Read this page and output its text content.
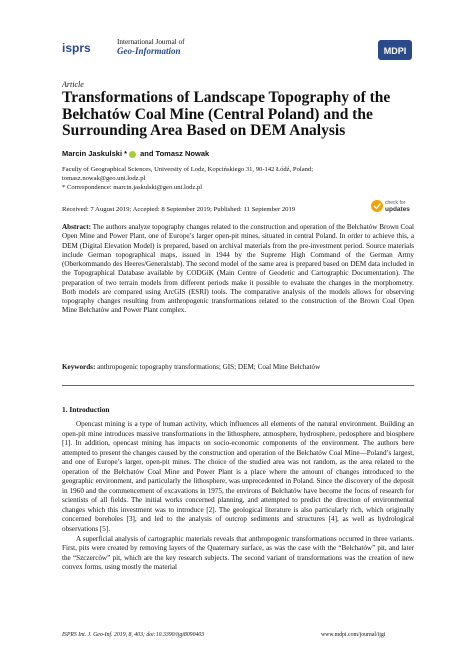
isprs	International Journal of
Geo-Information	MDPI
Article
Transformations of Landscape Topography of the Bełchatów Coal Mine (Central Poland) and the Surrounding Area Based on DEM Analysis
Marcin Jaskulski * and Tomasz Nowak
Faculty of Geographical Sciences, University of Lodz, Kopcińskiego 31, 90-142 Łódź, Poland;
tomasz.nowak@geo.uni.lodz.pl
* Correspondence: marcin.jaskulski@geo.uni.lodz.pl
Received: 7 August 2019; Accepted: 8 September 2019; Published: 11 September 2019
check for
updates
Abstract: The authors analyze topography changes related to the construction and operation of the Bełchatów Brown Coal Open Mine and Power Plant, one of Europe’s larger open-pit mines, situated in central Poland. In order to achieve this, a DEM (Digital Elevation Model) is prepared, based on archival materials from the pre-investment period. Source materials include German topographical maps, issued in 1944 by the Supreme High Command of the German Army (Oberkommando des Heeres/Generalstab). The second model of the same area is prepared based on DEM data included in the Topographical Database available by CODGiK (Main Centre of Geodetic and Cartographic Documentation). The preparation of two terrain models from different periods make it possible to evaluate the changes in the morphometry. Both models are compared using ArcGIS (ESRI) tools. The comparative analysis of the models allows for observing topography changes resulting from anthropogenic transformations related to the construction of the Brown Coal Open Mine Bełchatów and Power Plant complex.
Keywords: anthropogenic topography transformations; GIS; DEM; Coal Mine Bełchatów
1. Introduction

Opencast mining is a type of human activity, which influences all elements of the natural environment. Building an open-pit mine introduces massive transformations in the lithosphere, atmosphere, hydrosphere, pedosphere and biosphere [1]. In addition, opencast mining has impacts on socio-economic components of the environment. The authors here attempted to present the changes caused by the construction and operation of the Bełchatów Coal Mine—Poland’s largest, and one of Europe’s larger, open-pit mines. The choice of the studied area was not random, as the area related to the operation of the Bełchatów Coal Mine and Power Plant is a place where the amount of changes introduced to the geographic environment, and particularly the lithosphere, was unprecedented in Poland. Since the discovery of the deposit in 1960 and the commencement of excavations in 1975, the environs of Bełchatów have become the focus of research for scientists of all fields. The initial works concerned planning, and attempted to predict the direction of environmental changes which this investment was to introduce [2]. The geological literature is also particularly rich, which originally concerned boreholes [3], and led to the analysis of outcrop sediments and structures [4], as well as hydrological observations [5].

A superficial analysis of cartographic materials reveals that anthropogenic transformations occurred in three variants. First, pits were created by removing layers of the Quaternary surface, as was the case with the “Bełchatów” pit, and later the “Szczerców” pit, which are the key research subjects. The second variant of transformations was the creation of new convex forms, using mostly the material

ISPRS Int. J. Geo-Inf. 2019, 8, 403; doi:10.3390/ijgi8090403	www.mdpi.com/journal/ijgi
